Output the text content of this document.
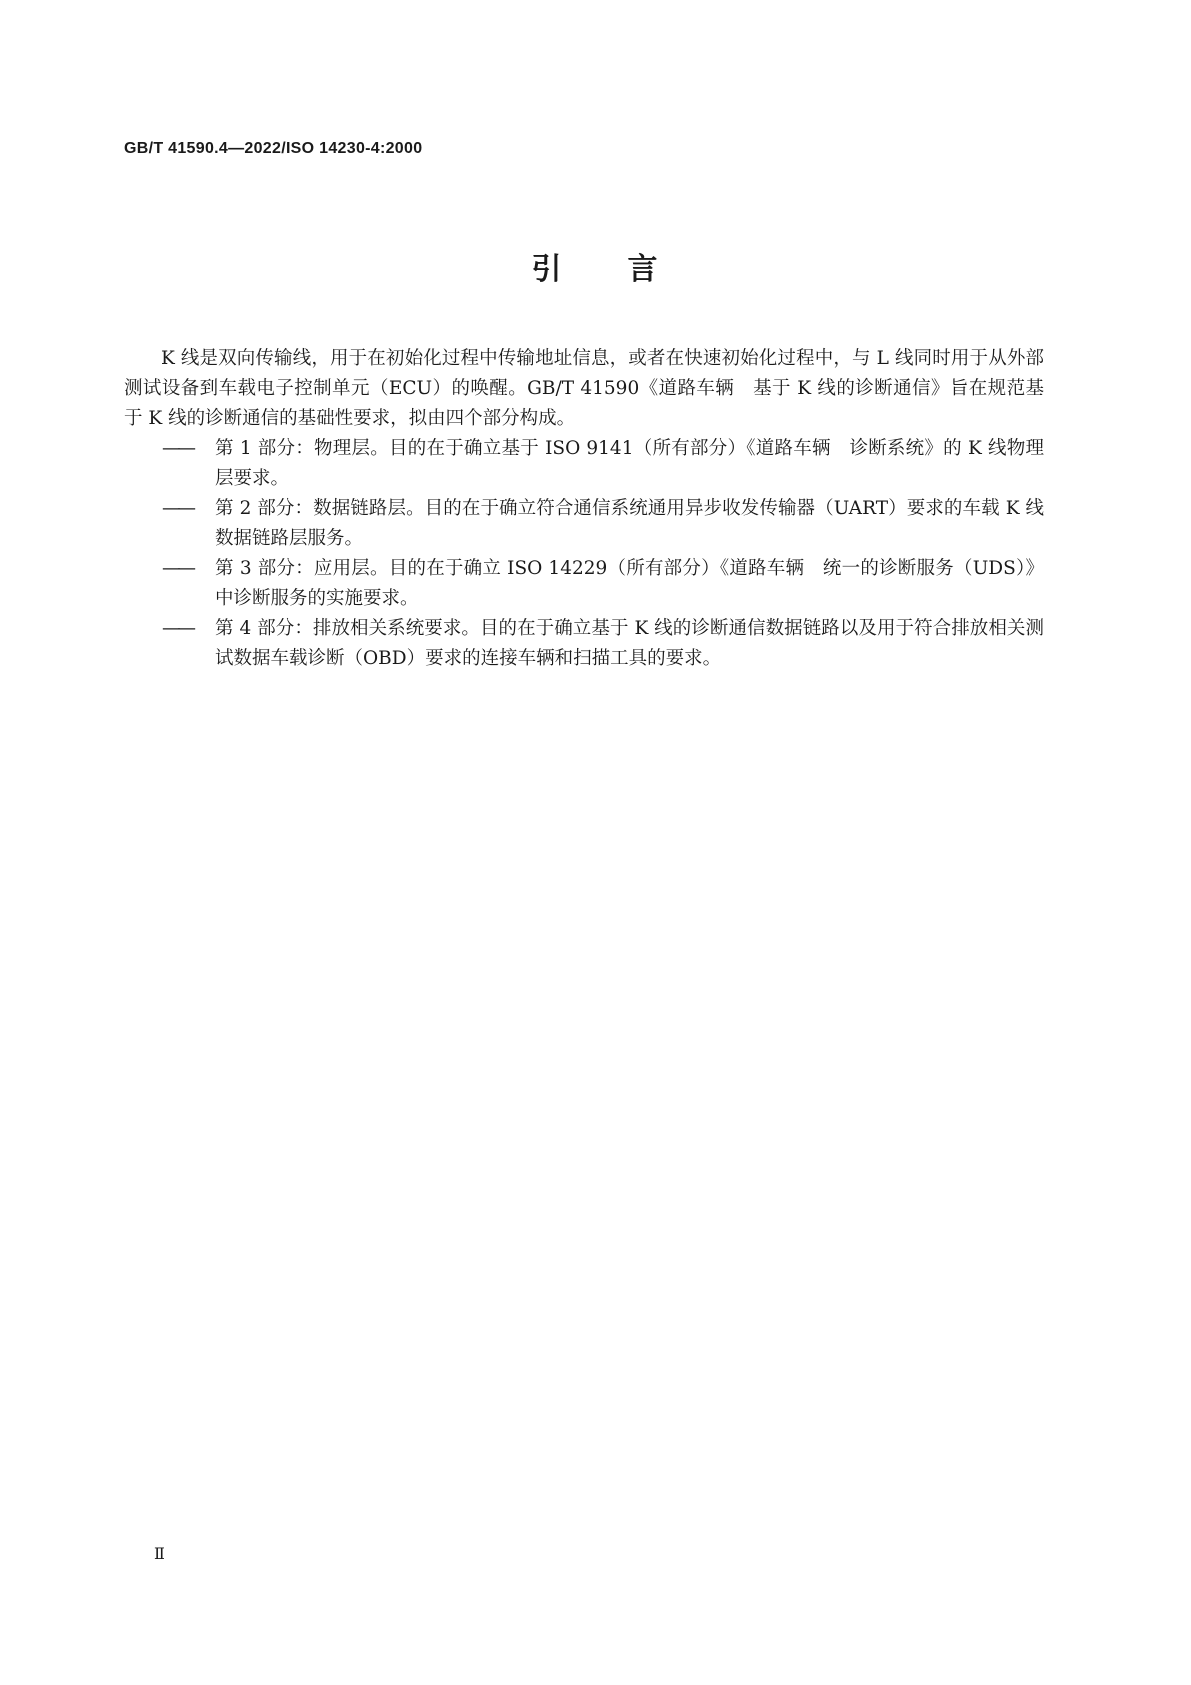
GB/T 41590.4—2022/ISO 14230-4:2000
引　　言

K 线是双向传输线，用于在初始化过程中传输地址信息，或者在快速初始化过程中，与 L 线同时用于从外部测试设备到车载电子控制单元（ECU）的唤醒。GB/T 41590《道路车辆　基于 K 线的诊断通信》旨在规范基于 K 线的诊断通信的基础性要求，拟由四个部分构成。

——	第 1 部分：物理层。目的在于确立基于 ISO 9141（所有部分）《道路车辆　诊断系统》的 K 线物理层要求。
——	第 2 部分：数据链路层。目的在于确立符合通信系统通用异步收发传输器（UART）要求的车载 K 线数据链路层服务。
——	第 3 部分：应用层。目的在于确立 ISO 14229（所有部分）《道路车辆　统一的诊断服务（UDS）》中诊断服务的实施要求。
——	第 4 部分：排放相关系统要求。目的在于确立基于 K 线的诊断通信数据链路以及用于符合排放相关测试数据车载诊断（OBD）要求的连接车辆和扫描工具的要求。
Ⅱ
